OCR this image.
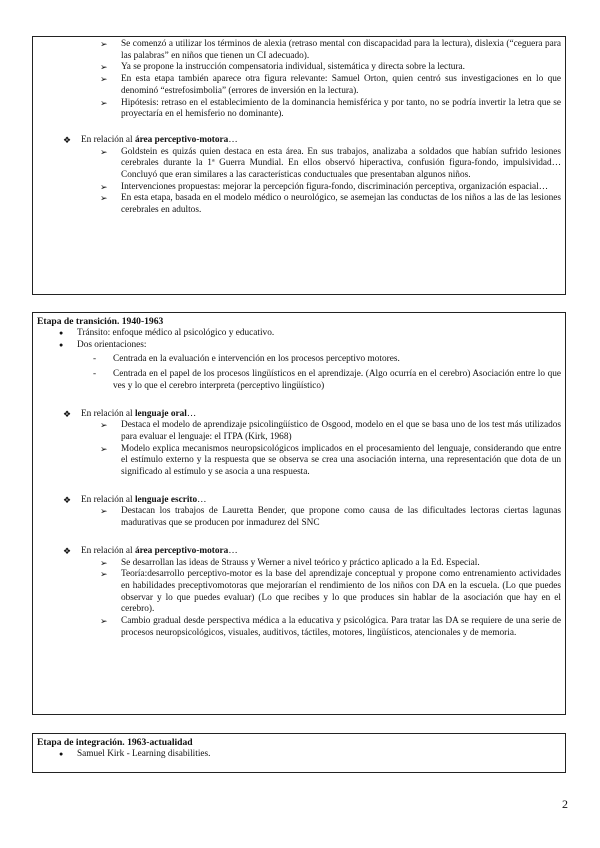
➢ Se comenzó a utilizar los términos de alexia (retraso mental con discapacidad para la lectura), dislexia (“ceguera para las palabras” en niños que tienen un CI adecuado).
➢ Ya se propone la instrucción compensatoria individual, sistemática y directa sobre la lectura.
➢ En esta etapa también aparece otra figura relevante: Samuel Orton, quien centró sus investigaciones en lo que denominó “estrefosimbolia” (errores de inversión en la lectura).
➢ Hipótesis: retraso en el establecimiento de la dominancia hemisférica y por tanto, no se podría invertir la letra que se proyectaría en el hemisferio no dominante).
❖ En relación al área perceptivo-motora…
➢ Goldstein es quizás quien destaca en esta área. En sus trabajos, analizaba a soldados que habían sufrido lesiones cerebrales durante la 1ª Guerra Mundial. En ellos observó hiperactiva, confusión figura-fondo, impulsividad… Concluyó que eran similares a las características conductuales que presentaban algunos niños.
➢ Intervenciones propuestas: mejorar la percepción figura-fondo, discriminación perceptiva, organización espacial…
➢ En esta etapa, basada en el modelo médico o neurológico, se asemejan las conductas de los niños a las de las lesiones cerebrales en adultos.
Etapa de transición. 1940-1963
● Tránsito: enfoque médico al psicológico y educativo.
● Dos orientaciones:
- Centrada en la evaluación e intervención en los procesos perceptivo motores.
- Centrada en el papel de los procesos lingüísticos en el aprendizaje. (Algo ocurría en el cerebro) Asociación entre lo que ves y lo que el cerebro interpreta (perceptivo lingüístico)
❖ En relación al lenguaje oral…
➢ Destaca el modelo de aprendizaje psicolingüístico de Osgood, modelo en el que se basa uno de los test más utilizados para evaluar el lenguaje: el ITPA (Kirk, 1968)
➢ Modelo explica mecanismos neuropsicológicos implicados en el procesamiento del lenguaje, considerando que entre el estímulo externo y la respuesta que se observa se crea una asociación interna, una representación que dota de un significado al estímulo y se asocia a una respuesta.
❖ En relación al lenguaje escrito…
➢ Destacan los trabajos de Lauretta Bender, que propone como causa de las dificultades lectoras ciertas lagunas madurativas que se producen por inmadurez del SNC
❖ En relación al área perceptivo-motora…
➢ Se desarrollan las ideas de Strauss y Werner a nivel teórico y práctico aplicado a la Ed. Especial.
➢ Teoría:desarrollo perceptivo-motor es la base del aprendizaje conceptual y propone como entrenamiento actividades en habilidades preceptivomotoras que mejorarían el rendimiento de los niños con DA en la escuela. (Lo que puedes observar y lo que puedes evaluar) (Lo que recibes y lo que produces sin hablar de la asociación que hay en el cerebro).
➢ Cambio gradual desde perspectiva médica a la educativa y psicológica. Para tratar las DA se requiere de una serie de procesos neuropsicológicos, visuales, auditivos, táctiles, motores, lingüísticos, atencionales y de memoria.
Etapa de integración. 1963-actualidad
● Samuel Kirk - Learning disabilities.
2
